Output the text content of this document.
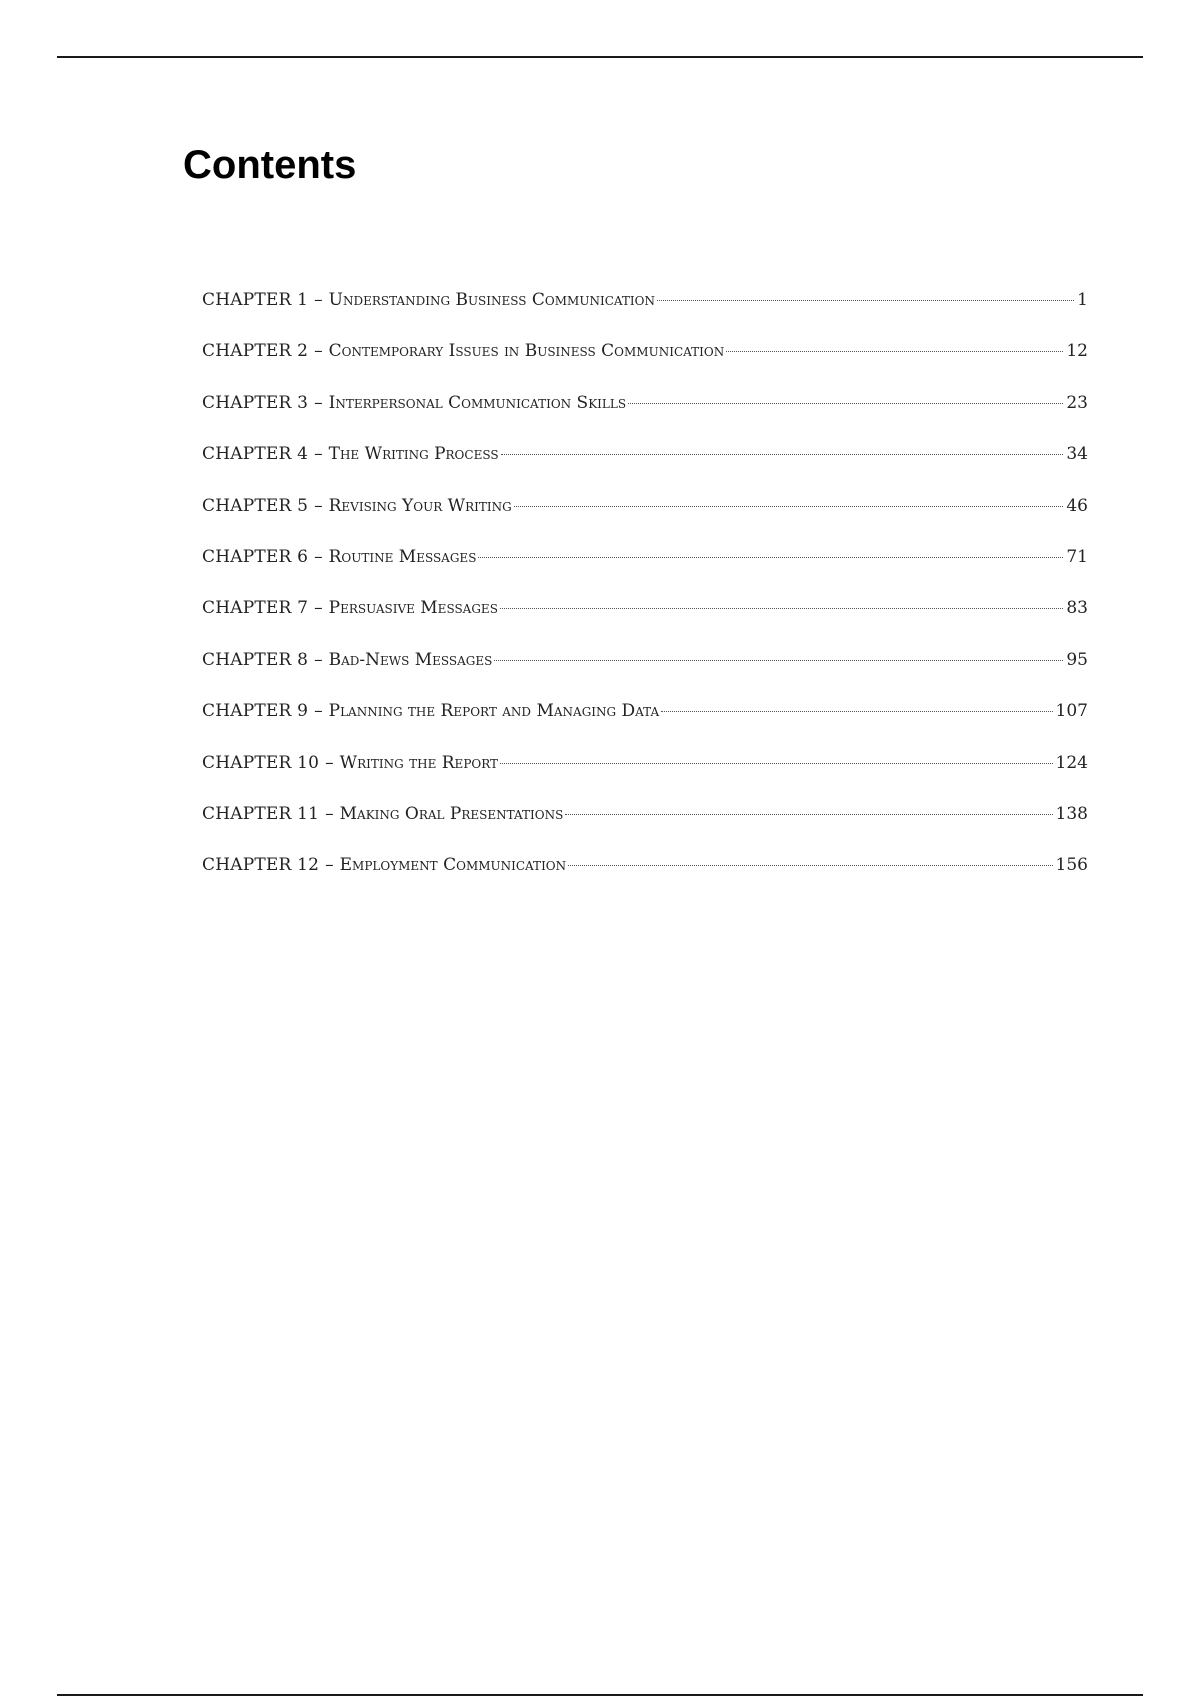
Contents
CHAPTER 1 – Understanding Business Communication	1
CHAPTER 2 – Contemporary Issues in Business Communication	12
CHAPTER 3 – Interpersonal Communication Skills	23
CHAPTER 4 – The Writing Process	34
CHAPTER 5 – Revising Your Writing	46
CHAPTER 6 – Routine Messages	71
CHAPTER 7 – Persuasive Messages	83
CHAPTER 8 – Bad-News Messages	95
CHAPTER 9 – Planning the Report and Managing Data	107
CHAPTER 10 – Writing the Report	124
CHAPTER 11 – Making Oral Presentations	138
CHAPTER 12 – Employment Communication	156
